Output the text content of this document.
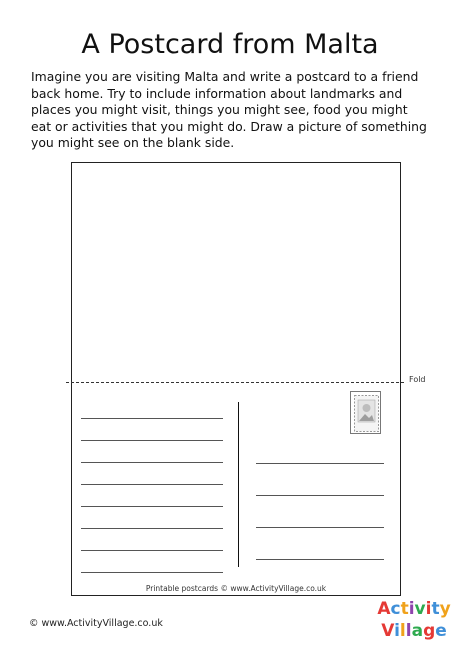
A Postcard from Malta
Imagine you are visiting Malta and write a postcard to a friend back home. Try to include information about landmarks and places you might visit, things you might see, food you might eat or activities that you might do. Draw a picture of something you might see on the blank side.
Fold
Printable postcards © www.ActivityVillage.co.uk
© www.ActivityVillage.co.uk
Activity
Village
